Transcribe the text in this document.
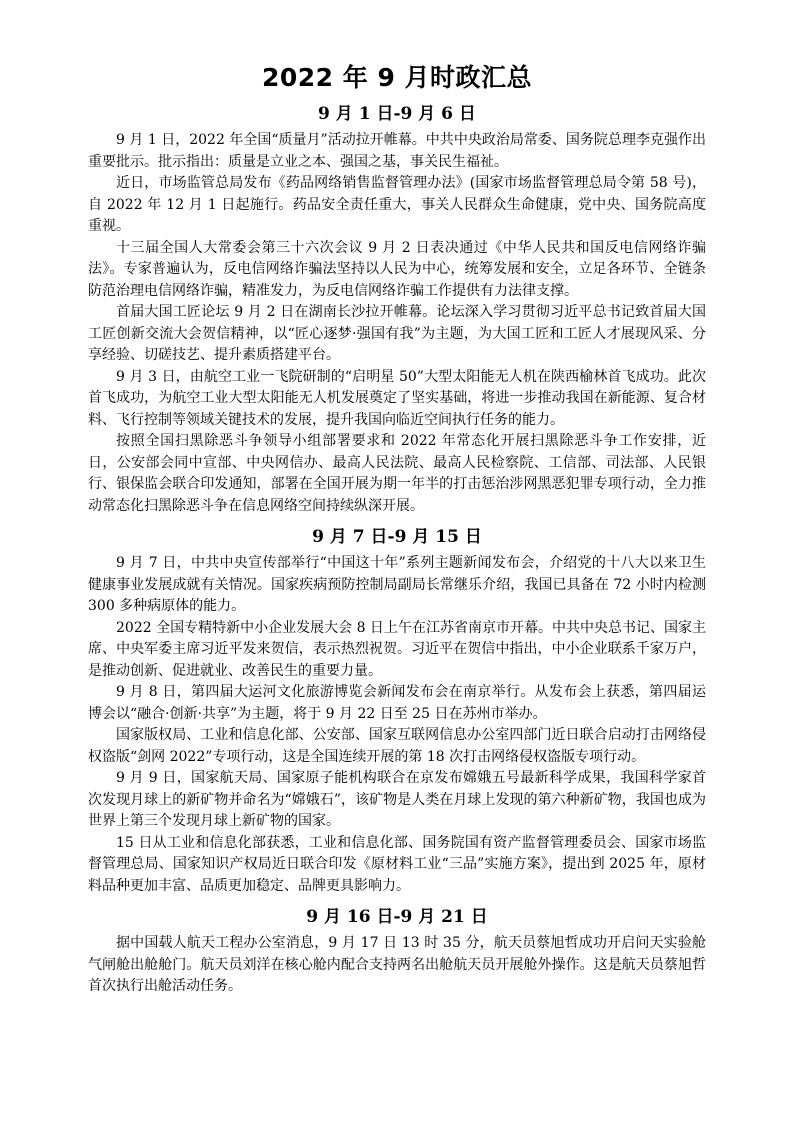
2022 年 9 月时政汇总
9 月 1 日-9 月 6 日

9 月 1 日，2022 年全国“质量月”活动拉开帷幕。中共中央政治局常委、国务院总理李克强作出重要批示。批示指出：质量是立业之本、强国之基，事关民生福祉。

近日，市场监管总局发布《药品网络销售监督管理办法》(国家市场监督管理总局令第 58 号)，自 2022 年 12 月 1 日起施行。药品安全责任重大，事关人民群众生命健康，党中央、国务院高度重视。

十三届全国人大常委会第三十六次会议 9 月 2 日表决通过《中华人民共和国反电信网络诈骗法》。专家普遍认为，反电信网络诈骗法坚持以人民为中心，统筹发展和安全，立足各环节、全链条防范治理电信网络诈骗，精准发力，为反电信网络诈骗工作提供有力法律支撑。

首届大国工匠论坛 9 月 2 日在湖南长沙拉开帷幕。论坛深入学习贯彻习近平总书记致首届大国工匠创新交流大会贺信精神，以“匠心逐梦·强国有我”为主题，为大国工匠和工匠人才展现风采、分享经验、切磋技艺、提升素质搭建平台。

9 月 3 日，由航空工业一飞院研制的“启明星 50”大型太阳能无人机在陕西榆林首飞成功。此次首飞成功，为航空工业大型太阳能无人机发展奠定了坚实基础，将进一步推动我国在新能源、复合材料、飞行控制等领域关键技术的发展，提升我国向临近空间执行任务的能力。

按照全国扫黑除恶斗争领导小组部署要求和 2022 年常态化开展扫黑除恶斗争工作安排，近日，公安部会同中宣部、中央网信办、最高人民法院、最高人民检察院、工信部、司法部、人民银行、银保监会联合印发通知，部署在全国开展为期一年半的打击惩治涉网黑恶犯罪专项行动，全力推动常态化扫黑除恶斗争在信息网络空间持续纵深开展。

9 月 7 日-9 月 15 日

9 月 7 日，中共中央宣传部举行“中国这十年”系列主题新闻发布会，介绍党的十八大以来卫生健康事业发展成就有关情况。国家疾病预防控制局副局长常继乐介绍，我国已具备在 72 小时内检测 300 多种病原体的能力。

2022 全国专精特新中小企业发展大会 8 日上午在江苏省南京市开幕。中共中央总书记、国家主席、中央军委主席习近平发来贺信，表示热烈祝贺。习近平在贺信中指出，中小企业联系千家万户，是推动创新、促进就业、改善民生的重要力量。

9 月 8 日，第四届大运河文化旅游博览会新闻发布会在南京举行。从发布会上获悉，第四届运博会以“融合·创新·共享”为主题，将于 9 月 22 日至 25 日在苏州市举办。

国家版权局、工业和信息化部、公安部、国家互联网信息办公室四部门近日联合启动打击网络侵权盗版“剑网 2022”专项行动，这是全国连续开展的第 18 次打击网络侵权盗版专项行动。

9 月 9 日，国家航天局、国家原子能机构联合在京发布嫦娥五号最新科学成果，我国科学家首次发现月球上的新矿物并命名为“嫦娥石”，该矿物是人类在月球上发现的第六种新矿物，我国也成为世界上第三个发现月球上新矿物的国家。

15 日从工业和信息化部获悉，工业和信息化部、国务院国有资产监督管理委员会、国家市场监督管理总局、国家知识产权局近日联合印发《原材料工业“三品”实施方案》，提出到 2025 年，原材料品种更加丰富、品质更加稳定、品牌更具影响力。

9 月 16 日-9 月 21 日

据中国载人航天工程办公室消息，9 月 17 日 13 时 35 分，航天员蔡旭哲成功开启问天实验舱气闸舱出舱舱门。航天员刘洋在核心舱内配合支持两名出舱航天员开展舱外操作。这是航天员蔡旭哲首次执行出舱活动任务。
